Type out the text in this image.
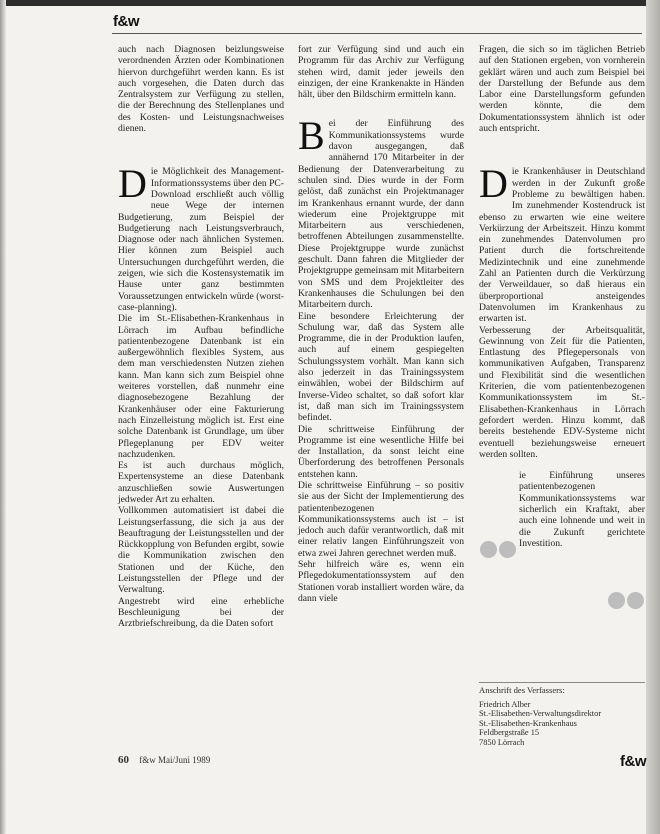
f&w

auch nach Diagnosen beizlungsweise verordnenden Ärzten oder Kombinationen hiervon durchgeführt werden kann. Es ist auch vorgesehen, die Daten durch das Zentralsystem zur Verfügung zu stellen, die der Berechnung des Stellenplanes und des Kosten- und Leistungsnachweises dienen.

Die Möglichkeit des Management-Informationssystems über den PC-Download erschließt auch völlig neue Wege der internen Budgetierung, zum Beispiel der Budgetierung nach Leistungsverbrauch, Diagnose oder nach ähnlichen Systemen. Hier können zum Beispiel auch Untersuchungen durchgeführt werden, die zeigen, wie sich die Kostensystematik im Hause unter ganz bestimmten Voraussetzungen entwickeln würde (worst-case-planning).

Die im St.-Elisabethen-Krankenhaus in Lörrach im Aufbau befindliche patientenbezogene Datenbank ist ein außergewöhnlich flexibles System, aus dem man verschiedensten Nutzen ziehen kann. Man kann sich zum Beispiel ohne weiteres vorstellen, daß nunmehr eine diagnosebezogene Bezahlung der Krankenhäuser oder eine Fakturierung nach Einzelleistung möglich ist. Erst eine solche Datenbank ist Grundlage, um über Pflegeplanung per EDV weiter nachzudenken.

Es ist auch durchaus möglich, Expertensysteme an diese Datenbank anzuschließen sowie Auswertungen jedweder Art zu erhalten.

Vollkommen automatisiert ist dabei die Leistungserfassung, die sich ja aus der Beauftragung der Leistungsstellen und der Rückkopplung von Befunden ergibt, sowie die Kommunikation zwischen den Stationen und der Küche, den Leistungsstellen der Pflege und der Verwaltung.

Angestrebt wird eine erhebliche Beschleunigung bei der Arztbriefschreibung, da die Daten sofort

fort zur Verfügung sind und auch ein Programm für das Archiv zur Verfügung stehen wird, damit jeder jeweils den einzigen, der eine Krankenakte in Händen hält, über den Bildschirm ermitteln kann.

Bei der Einführung des Kommunikationssystems wurde davon ausgegangen, daß annähernd 170 Mitarbeiter in der Bedienung der Datenverarbeitung zu schulen sind. Dies wurde in der Form gelöst, daß zunächst ein Projektmanager im Krankenhaus ernannt wurde, der dann wiederum eine Projektgruppe mit Mitarbeitern aus verschiedenen, betroffenen Abteilungen zusammenstellte. Diese Projektgruppe wurde zunächst geschult. Dann fahren die Mitglieder der Projektgruppe gemeinsam mit Mitarbeitern von SMS und dem Projektleiter des Krankenhauses die Schulungen bei den Mitarbeitern durch.

Eine besondere Erleichterung der Schulung war, daß das System alle Programme, die in der Produktion laufen, auch auf einem gespiegelten Schulungssystem vorhält. Man kann sich also jederzeit in das Trainingssystem einwählen, wobei der Bildschirm auf Inverse-Video schaltet, so daß sofort klar ist, daß man sich im Trainingssystem befindet.

Die schrittweise Einführung der Programme ist eine wesentliche Hilfe bei der Installation, da sonst leicht eine Überforderung des betroffenen Personals entstehen kann.

Die schrittweise Einführung – so positiv sie aus der Sicht der Implementierung des patientenbezogenen Kommunikationssystems auch ist – ist jedoch auch dafür verantwortlich, daß mit einer relativ langen Einführungszeit von etwa zwei Jahren gerechnet werden muß.

Sehr hilfreich wäre es, wenn ein Pflegedokumentationssystem auf den Stationen vorab installiert worden wäre, da dann viele

Fragen, die sich so im täglichen Betrieb auf den Stationen ergeben, von vornherein geklärt wären und auch zum Beispiel bei der Darstellung der Befunde aus dem Labor eine Darstellungsform gefunden werden könnte, die dem Dokumentationssystem ähnlich ist oder auch entspricht.

Die Krankenhäuser in Deutschland werden in der Zukunft große Probleme zu bewältigen haben. Im zunehmender Kostendruck ist ebenso zu erwarten wie eine weitere Verkürzung der Arbeitszeit. Hinzu kommt ein zunehmendes Datenvolumen pro Patient durch die fortschreitende Medizintechnik und eine zunehmende Zahl an Patienten durch die Verkürzung der Verweildauer, so daß hieraus ein überproportional ansteigendes Datenvolumen im Krankenhaus zu erwarten ist.

Verbesserung der Arbeitsqualität, Gewinnung von Zeit für die Patienten, Entlastung des Pflegepersonals von kommunikativen Aufgaben, Transparenz und Flexibilität sind die wesentlichen Kriterien, die vom patientenbezogenen Kommunikationssystem im St.-Elisabethen-Krankenhaus in Lörrach gefordert werden. Hinzu kommt, daß bereits bestehende EDV-Systeme nicht eventuell beziehungsweise erneuert werden sollten.

ie Einführung unseres patientenbezogenen Kommunikationssystems war sicherlich ein Kraftakt, aber auch eine lohnende und weit in die Zukunft gerichtete Investition.

Anschrift des Verfassers:
Friedrich Alber
St.-Elisabethen-Verwaltungsdirektor
St.-Elisabethen-Krankenhaus
Feldbergstraße 15
7850 Lörrach
60 f&w Mai/Juni 1989	f&w
